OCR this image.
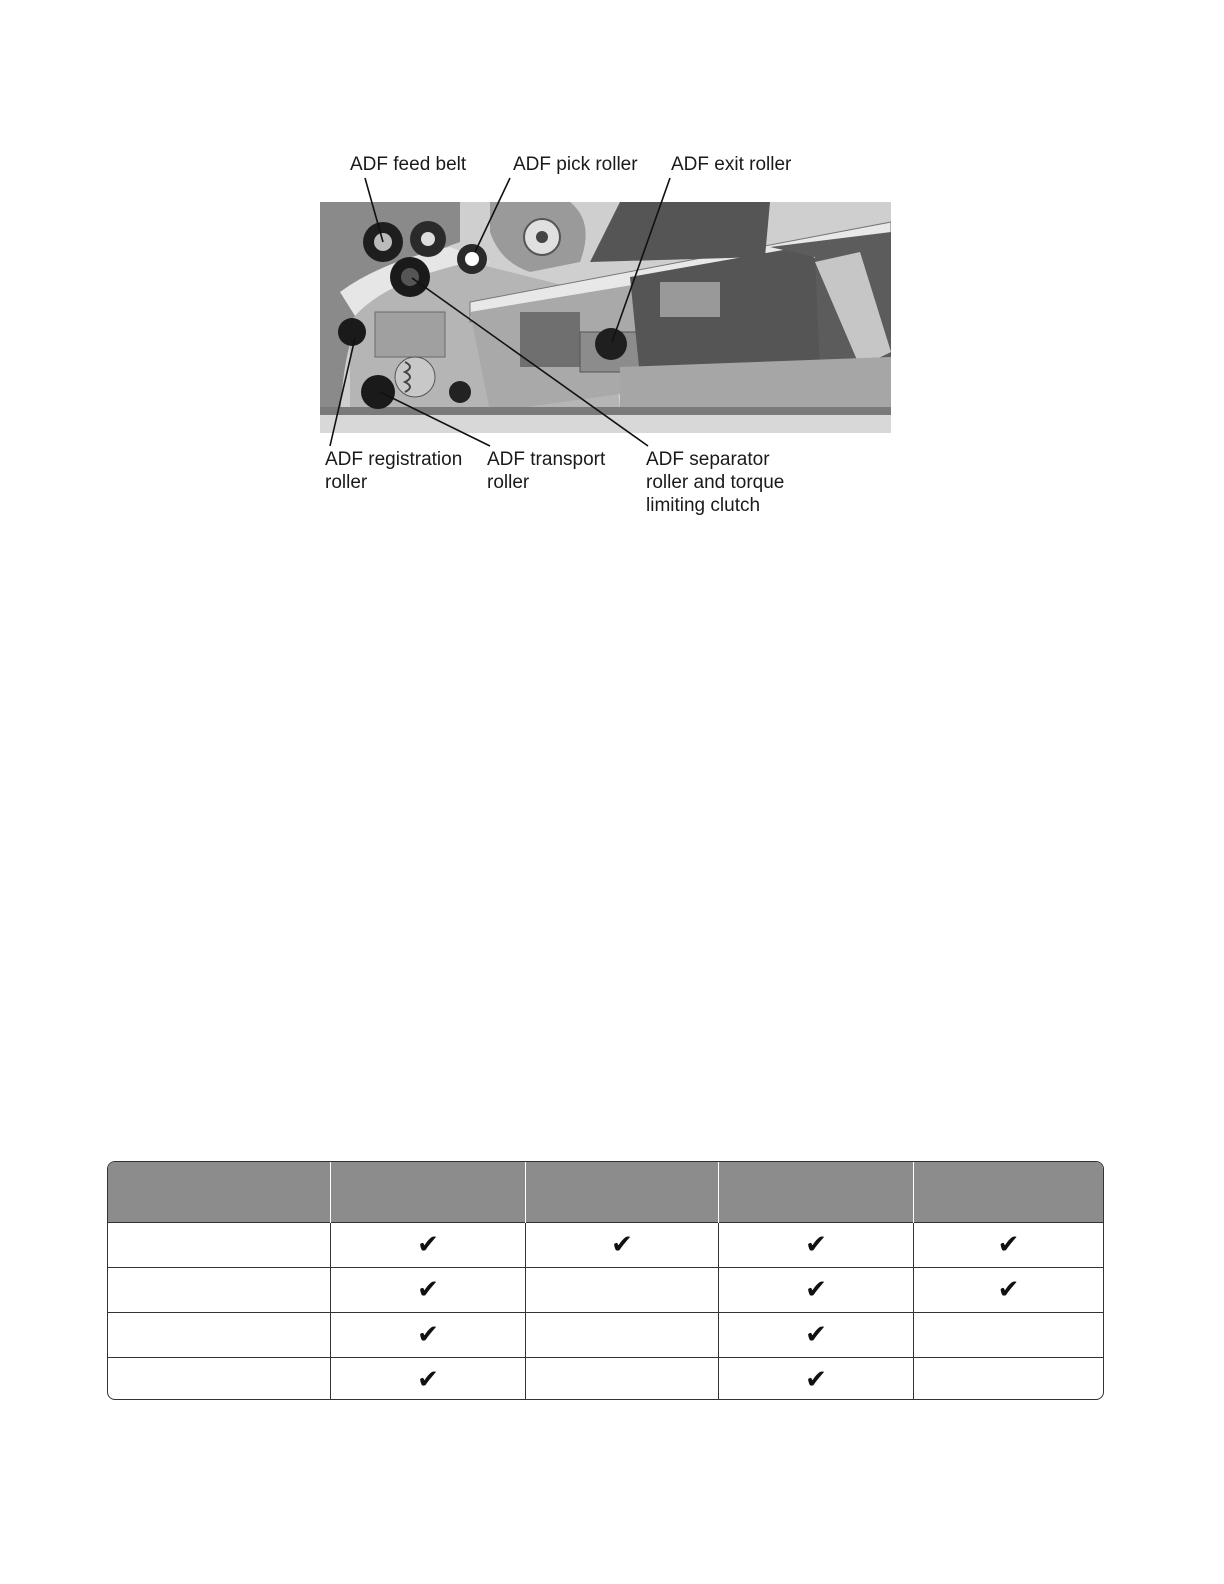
ADF feed belt ADF pick roller ADF exit roller
ADF registration
roller
ADF transport
roller
ADF separator
roller and torque
limiting clutch

	✔	✔	✔	✔
	✔		✔	✔
	✔		✔	
	✔		✔	
